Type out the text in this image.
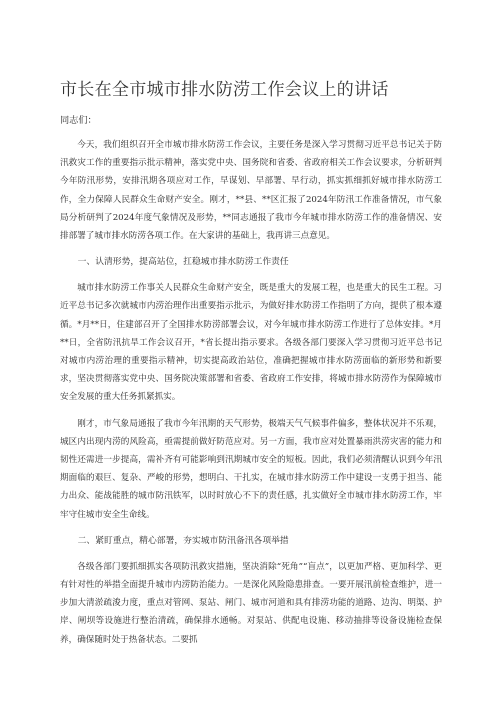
市长在全市城市排水防涝工作会议上的讲话
同志们：

今天，我们组织召开全市城市排水防涝工作会议，主要任务是深入学习贯彻习近平总书记关于防汛救灾工作的重要指示批示精神，落实党中央、国务院和省委、省政府相关工作会议要求，分析研判今年防汛形势，安排汛期各项应对工作，早谋划、早部署、早行动，抓实抓细抓好城市排水防涝工作，全力保障人民群众生命财产安全。刚才，**县、**区汇报了2024年防汛工作准备情况，市气象局分析研判了2024年度气象情况及形势，**同志通报了我市今年城市排水防涝工作的准备情况、安排部署了城市排水防涝各项工作。在大家讲的基础上，我再讲三点意见。

一、认清形势，提高站位，扛稳城市排水防涝工作责任

城市排水防涝工作事关人民群众生命财产安全，既是重大的发展工程，也是重大的民生工程。习近平总书记多次就城市内涝治理作出重要指示批示，为做好排水防涝工作指明了方向，提供了根本遵循。*月**日，住建部召开了全国排水防涝部署会议，对今年城市排水防涝工作进行了总体安排。*月**日，全省防汛抗旱工作会议召开，*省长提出指示要求。各级各部门要深入学习贯彻习近平总书记对城市内涝治理的重要指示精神，切实提高政治站位，准确把握城市排水防涝面临的新形势和新要求，坚决贯彻落实党中央、国务院决策部署和省委、省政府工作安排，将城市排水防涝作为保障城市安全发展的重大任务抓紧抓实。

刚才，市气象局通报了我市今年汛期的天气形势，极端天气气候事件偏多，整体状况并不乐观，城区内出现内涝的风险高，亟需提前做好防范应对。另一方面，我市应对处置暴雨洪涝灾害的能力和韧性还需进一步提高，需补齐有可能影响到汛期城市安全的短板。因此，我们必须清醒认识到今年汛期面临的艰巨、复杂、严峻的形势，想明白、干扎实，在城市排水防涝工作中建设一支勇于担当、能力出众、能战能胜的城市防汛铁军，以时时放心不下的责任感，扎实做好全市城市排水防涝工作，牢牢守住城市安全生命线。

二、紧盯重点，精心部署，夯实城市防汛备汛各项举措

各级各部门要抓细抓实各项防汛救灾措施，坚决消除“死角”“盲点”，以更加严格、更加科学、更有针对性的举措全面提升城市内涝防治能力。一是深化风险隐患排查。一要开展汛前检查维护，进一步加大清淤疏浚力度，重点对管网、泵站、闸门、城市河道和具有排涝功能的道路、边沟、明渠、护岸、闸坝等设施进行整治清疏，确保排水通畅。对泵站、供配电设施、移动抽排等设备设施检查保养，确保随时处于热备状态。二要抓
